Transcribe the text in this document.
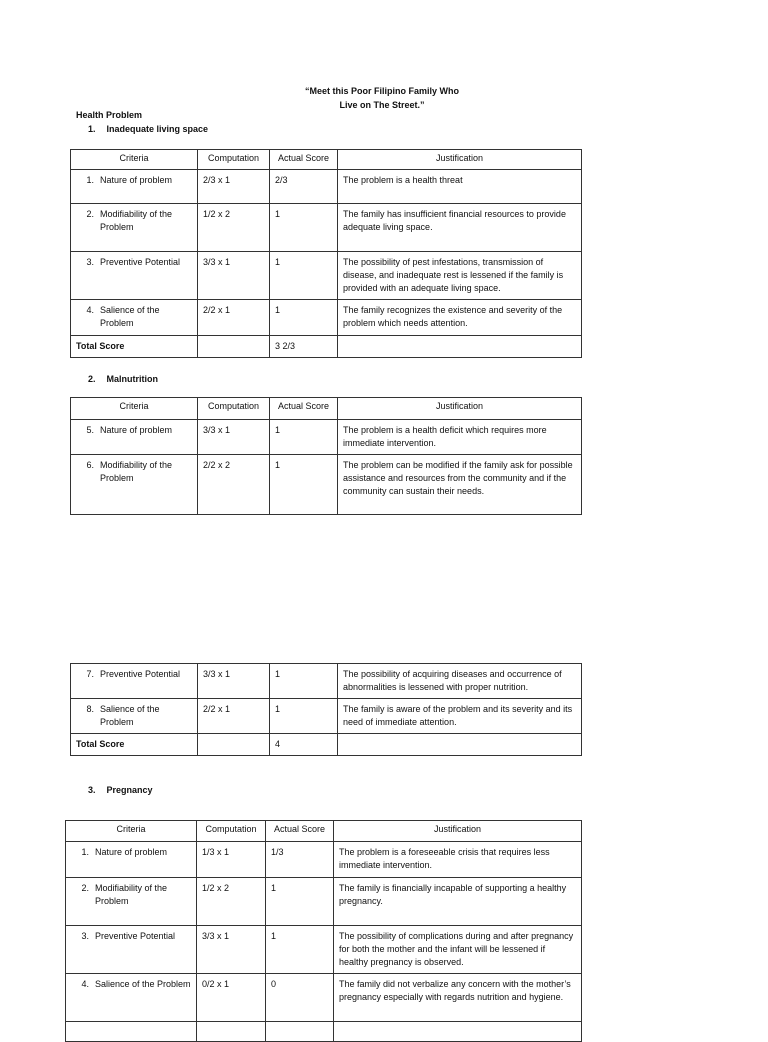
“Meet this Poor Filipino Family Who
Live on The Street.”
Health Problem
1. Inadequate living space
Criteria	Computation	Actual Score	Justification

1. Nature of problem	2/3 x 1	2/3	The problem is a health threat

2. Modifiability of the Problem	1/2 x 2	1	The family has insufficient financial resources to provide adequate living space.

3. Preventive Potential	3/3 x 1	1	The possibility of pest infestations, transmission of disease, and inadequate rest is lessened if the family is provided with an adequate living space.

4. Salience of the Problem	2/2 x 1	1	The family recognizes the existence and severity of the problem which needs attention.
Total Score		3 2/3	
2. Malnutrition
Criteria	Computation	Actual Score	Justification

5. Nature of problem	3/3 x 1	1	The problem is a health deficit which requires more immediate intervention.

6. Modifiability of the Problem	2/2 x 2	1	The problem can be modified if the family ask for possible assistance and resources from the community and if the community can sustain their needs.
7. Preventive Potential	3/3 x 1	1	The possibility of acquiring diseases and occurrence of abnormalities is lessened with proper nutrition.

8. Salience of the Problem	2/2 x 1	1	The family is aware of the problem and its severity and its need of immediate attention.
Total Score		4	
3. Pregnancy
Criteria	Computation	Actual Score	Justification

1. Nature of problem	1/3 x 1	1/3	The problem is a foreseeable crisis that requires less immediate intervention.

2. Modifiability of the Problem	1/2 x 2	1	The family is financially incapable of supporting a healthy pregnancy.

3. Preventive Potential	3/3 x 1	1	The possibility of complications during and after pregnancy for both the mother and the infant will be lessened if healthy pregnancy is observed.

4. Salience of the Problem	0/2 x 1	0	The family did not verbalize any concern with the mother’s pregnancy especially with regards nutrition and hygiene.
